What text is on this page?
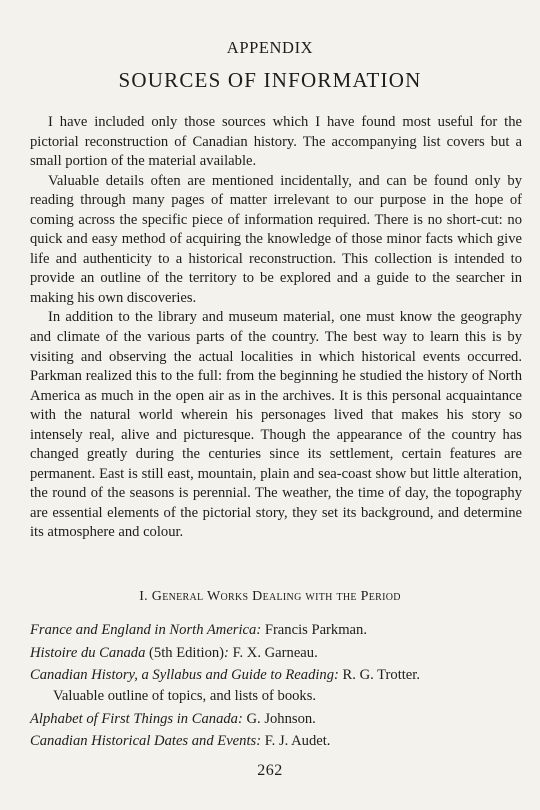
APPENDIX
SOURCES OF INFORMATION

I have included only those sources which I have found most useful for the pictorial reconstruction of Canadian history. The accompanying list covers but a small portion of the material available.

Valuable details often are mentioned incidentally, and can be found only by reading through many pages of matter irrelevant to our purpose in the hope of coming across the specific piece of information required. There is no short-cut: no quick and easy method of acquiring the knowledge of those minor facts which give life and authenticity to a historical reconstruction. This collection is intended to provide an outline of the territory to be explored and a guide to the searcher in making his own discoveries.

In addition to the library and museum material, one must know the geography and climate of the various parts of the country. The best way to learn this is by visiting and observing the actual localities in which historical events occurred. Parkman realized this to the full: from the beginning he studied the history of North America as much in the open air as in the archives. It is this personal acquaintance with the natural world wherein his personages lived that makes his story so intensely real, alive and picturesque. Though the appearance of the country has changed greatly during the centuries since its settlement, certain features are permanent. East is still east, mountain, plain and sea-coast show but little alteration, the round of the seasons is perennial. The weather, the time of day, the topography are essential elements of the pictorial story, they set its background, and determine its atmosphere and colour.

I. General Works Dealing with the Period
France and England in North America: Francis Parkman.
Histoire du Canada (5th Edition): F. X. Garneau.
Canadian History, a Syllabus and Guide to Reading: R. G. Trotter.
Valuable outline of topics, and lists of books.
Alphabet of First Things in Canada: G. Johnson.
Canadian Historical Dates and Events: F. J. Audet.
262
